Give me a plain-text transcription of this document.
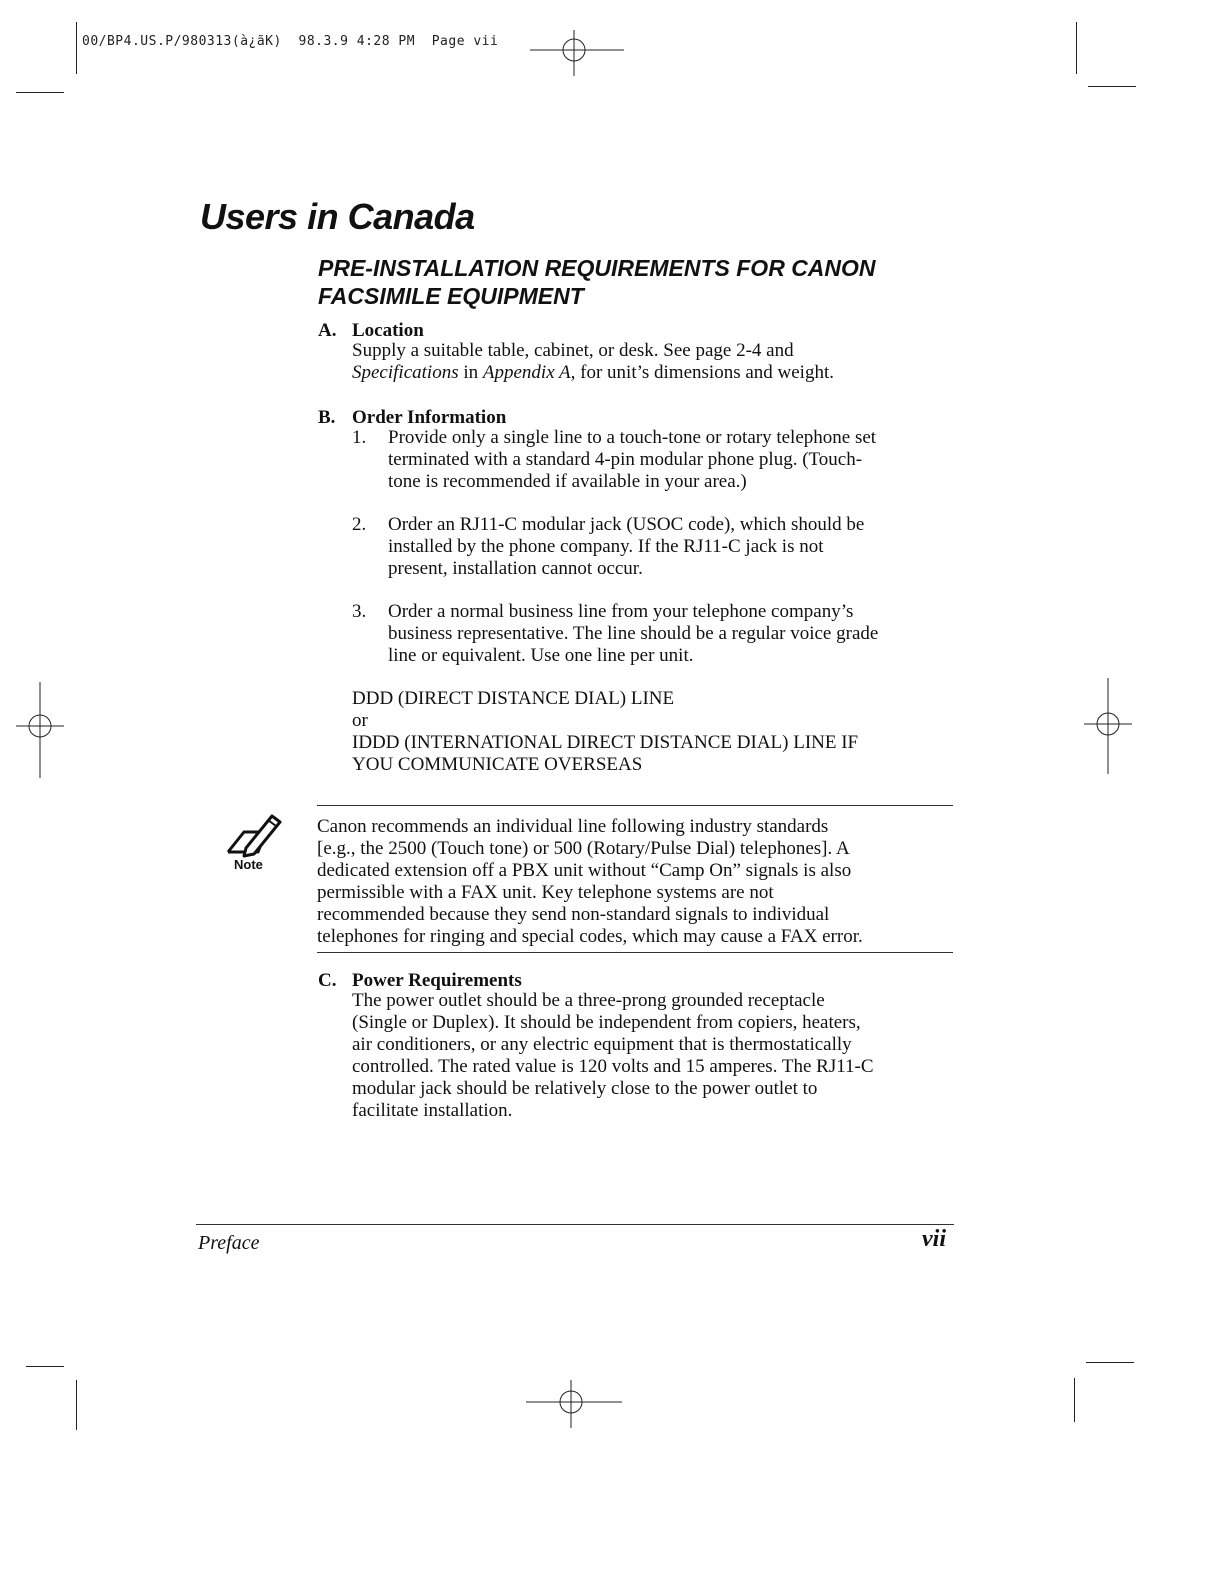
00/BP4.US.P/980313(à¿ãK)  98.3.9 4:28 PM  Page vii
Users in Canada
PRE-INSTALLATION REQUIREMENTS FOR CANON
FACSIMILE EQUIPMENT
A. Location
Supply a suitable table, cabinet, or desk. See page 2-4 and
Specifications in Appendix A, for unit’s dimensions and weight.
B. Order Information
1. Provide only a single line to a touch-tone or rotary telephone set
terminated with a standard 4-pin modular phone plug. (Touch-
tone is recommended if available in your area.)
2. Order an RJ11-C modular jack (USOC code), which should be
installed by the phone company. If the RJ11-C jack is not
present, installation cannot occur.
3. Order a normal business line from your telephone company’s
business representative. The line should be a regular voice grade
line or equivalent. Use one line per unit.
DDD (DIRECT DISTANCE DIAL) LINE
or
IDDD (INTERNATIONAL DIRECT DISTANCE DIAL) LINE IF
YOU COMMUNICATE OVERSEAS
Note
Canon recommends an individual line following industry standards
[e.g., the 2500 (Touch tone) or 500 (Rotary/Pulse Dial) telephones]. A
dedicated extension off a PBX unit without “Camp On” signals is also
permissible with a FAX unit. Key telephone systems are not
recommended because they send non-standard signals to individual
telephones for ringing and special codes, which may cause a FAX error.
C. Power Requirements
The power outlet should be a three-prong grounded receptacle
(Single or Duplex). It should be independent from copiers, heaters,
air conditioners, or any electric equipment that is thermostatically
controlled. The rated value is 120 volts and 15 amperes. The RJ11-C
modular jack should be relatively close to the power outlet to
facilitate installation.
Preface	vii
